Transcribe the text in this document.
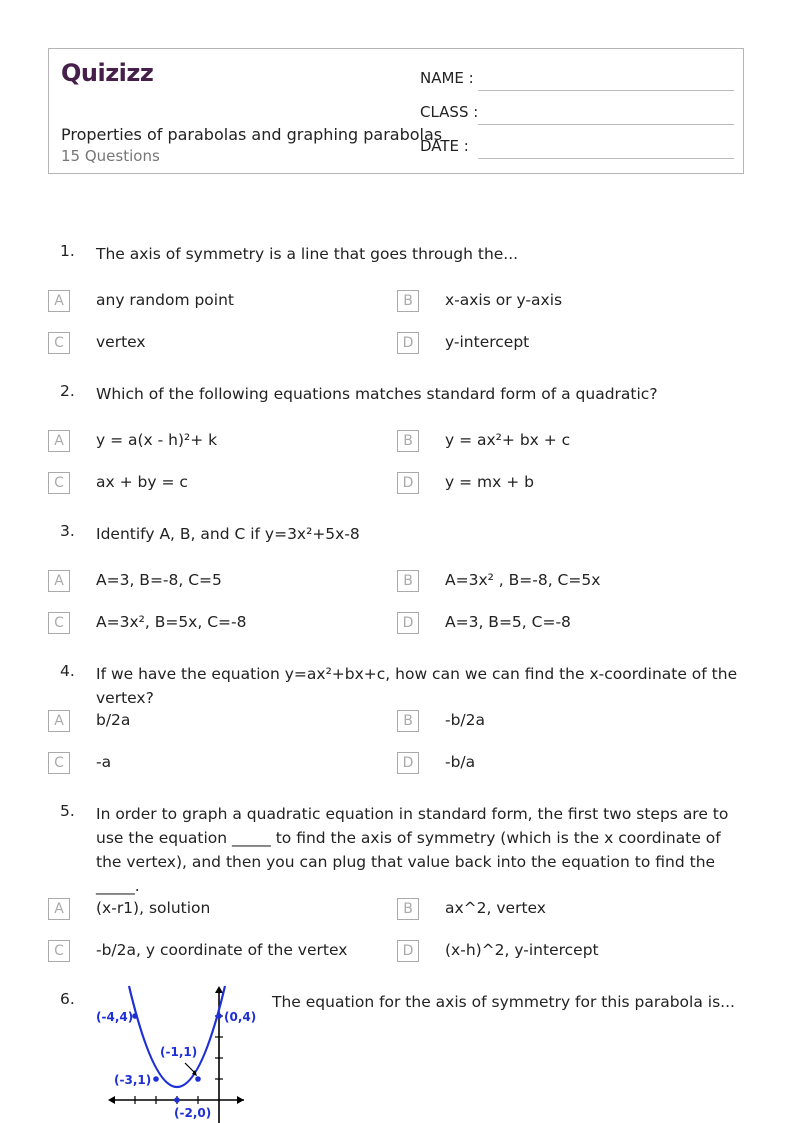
Quizizz
Properties of parabolas and graphing parabolas
15 Questions
NAME :
CLASS :
DATE :
1. The axis of symmetry is a line that goes through the...
A	any random point	B	x-axis or y-axis
C	vertex	D	y-intercept
2. Which of the following equations matches standard form of a quadratic?
A	y = a(x - h)²+ k	B	y = ax²+ bx + c
C	ax + by = c	D	y = mx + b
3. Identify A, B, and C if y=3x²+5x-8
A	A=3, B=-8, C=5	B	A=3x² , B=-8, C=5x
C	A=3x², B=5x, C=-8	D	A=3, B=5, C=-8
4. If we have the equation y=ax²+bx+c, how can we can find the x-coordinate of the vertex?
A	b/2a	B	-b/2a
C	-a	D	-b/a
5. In order to graph a quadratic equation in standard form, the first two steps are to use the equation _____ to find the axis of symmetry (which is the x coordinate of the vertex), and then you can plug that value back into the equation to find the _____.
A	(x-r1), solution	B	ax^2, vertex
C	-b/2a, y coordinate of the vertex	D	(x-h)^2, y-intercept
6.	The equation for the axis of symmetry for this parabola is...
(-4,4)	(0,4)
(-1,1)
(-3,1)
(-2,0)
